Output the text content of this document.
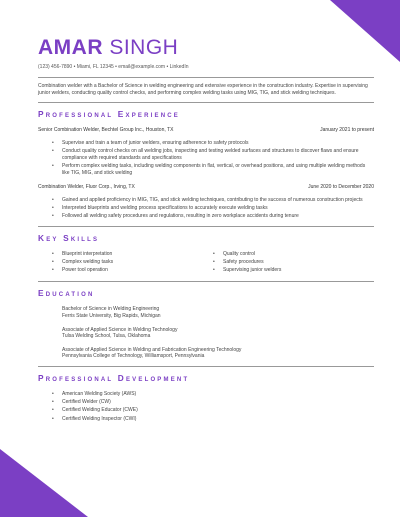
AMAR SINGH
(123) 456-7890 • Miami, FL 12345 • email@example.com • LinkedIn
Combination welder with a Bachelor of Science in welding engineering and extensive experience in the construction industry. Expertise in supervising junior welders, conducting quality control checks, and performing complex welding tasks using MIG, TIG, and stick welding techniques.
Professional Experience
Senior Combination Welder, Bechtel Group Inc., Houston, TX	January 2021 to present
• Supervise and train a team of junior welders, ensuring adherence to safety protocols
• Conduct quality control checks on all welding jobs, inspecting and testing welded surfaces and structures to discover flaws and ensure compliance with required standards and specifications
• Perform complex welding tasks, including welding components in flat, vertical, or overhead positions, and using multiple welding methods like TIG, MIG, and stick welding
Combination Welder, Fluor Corp., Irving, TX	June 2020 to December 2020
• Gained and applied proficiency in MIG, TIG, and stick welding techniques, contributing to the success of numerous construction projects
• Interpreted blueprints and welding process specifications to accurately execute welding tasks
• Followed all welding safety procedures and regulations, resulting in zero workplace accidents during tenure
Key Skills
• Blueprint interpretation
• Complex welding tasks
• Power tool operation
• Quality control
• Safety procedures
• Supervising junior welders
Education
Bachelor of Science in Welding Engineering
Ferris State University, Big Rapids, Michigan
Associate of Applied Science in Welding Technology
Tulsa Welding School, Tulsa, Oklahoma
Associate of Applied Science in Welding and Fabrication Engineering Technology
Pennsylvania College of Technology, Williamsport, Pennsylvania
Professional Development
• American Welding Society (AWS)
• Certified Welder (CW)
• Certified Welding Educator (CWE)
• Certified Welding Inspector (CWI)
